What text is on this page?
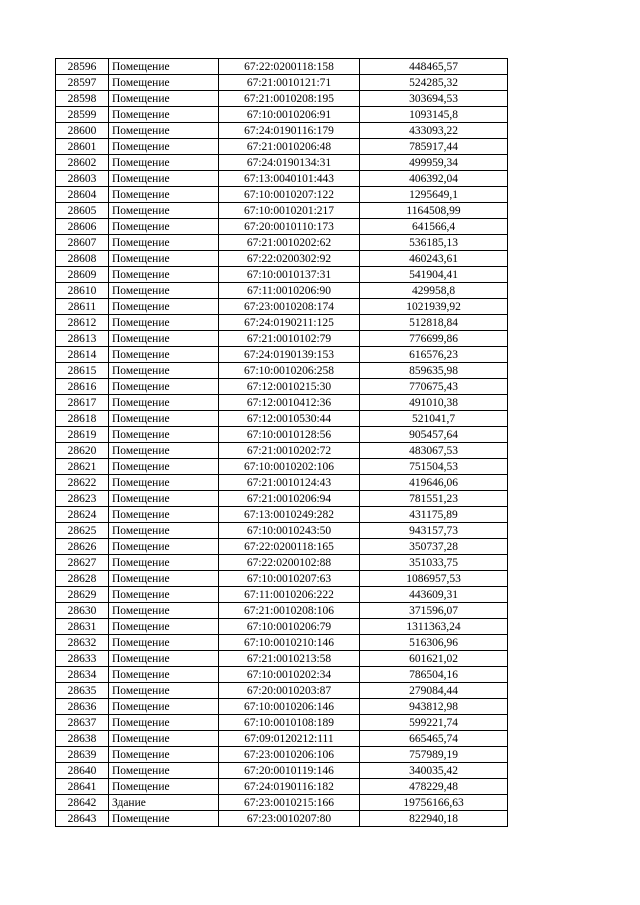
28596	Помещение	67:22:0200118:158	448465,57
28597	Помещение	67:21:0010121:71	524285,32
28598	Помещение	67:21:0010208:195	303694,53
28599	Помещение	67:10:0010206:91	1093145,8
28600	Помещение	67:24:0190116:179	433093,22
28601	Помещение	67:21:0010206:48	785917,44
28602	Помещение	67:24:0190134:31	499959,34
28603	Помещение	67:13:0040101:443	406392,04
28604	Помещение	67:10:0010207:122	1295649,1
28605	Помещение	67:10:0010201:217	1164508,99
28606	Помещение	67:20:0010110:173	641566,4
28607	Помещение	67:21:0010202:62	536185,13
28608	Помещение	67:22:0200302:92	460243,61
28609	Помещение	67:10:0010137:31	541904,41
28610	Помещение	67:11:0010206:90	429958,8
28611	Помещение	67:23:0010208:174	1021939,92
28612	Помещение	67:24:0190211:125	512818,84
28613	Помещение	67:21:0010102:79	776699,86
28614	Помещение	67:24:0190139:153	616576,23
28615	Помещение	67:10:0010206:258	859635,98
28616	Помещение	67:12:0010215:30	770675,43
28617	Помещение	67:12:0010412:36	491010,38
28618	Помещение	67:12:0010530:44	521041,7
28619	Помещение	67:10:0010128:56	905457,64
28620	Помещение	67:21:0010202:72	483067,53
28621	Помещение	67:10:0010202:106	751504,53
28622	Помещение	67:21:0010124:43	419646,06
28623	Помещение	67:21:0010206:94	781551,23
28624	Помещение	67:13:0010249:282	431175,89
28625	Помещение	67:10:0010243:50	943157,73
28626	Помещение	67:22:0200118:165	350737,28
28627	Помещение	67:22:0200102:88	351033,75
28628	Помещение	67:10:0010207:63	1086957,53
28629	Помещение	67:11:0010206:222	443609,31
28630	Помещение	67:21:0010208:106	371596,07
28631	Помещение	67:10:0010206:79	1311363,24
28632	Помещение	67:10:0010210:146	516306,96
28633	Помещение	67:21:0010213:58	601621,02
28634	Помещение	67:10:0010202:34	786504,16
28635	Помещение	67:20:0010203:87	279084,44
28636	Помещение	67:10:0010206:146	943812,98
28637	Помещение	67:10:0010108:189	599221,74
28638	Помещение	67:09:0120212:111	665465,74
28639	Помещение	67:23:0010206:106	757989,19
28640	Помещение	67:20:0010119:146	340035,42
28641	Помещение	67:24:0190116:182	478229,48
28642	Здание	67:23:0010215:166	19756166,63
28643	Помещение	67:23:0010207:80	822940,18
